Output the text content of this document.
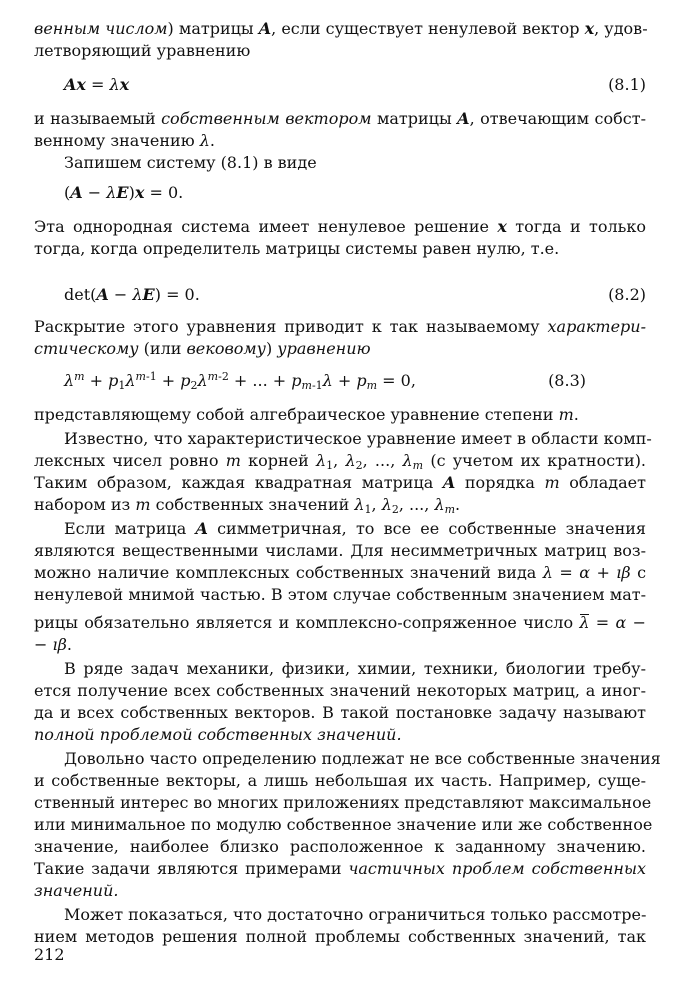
венным числом) матрицы A, если существует ненулевой вектор x, удов-
летворяющий уравнению
Ax = λx	(8.1)
и называемый собственным вектором матрицы A, отвечающим собст-
венному значению λ.
Запишем систему (8.1) в виде
(A − λE)x = 0.
Эта однородная система имеет ненулевое решение x тогда и только
тогда, когда определитель матрицы системы равен нулю, т.е.
det(A − λE) = 0.	(8.2)
Раскрытие этого уравнения приводит к так называемому характери-
стическому (или вековому) уравнению
$\lambda^m + p_1\lambda^{m-1} + p_2\lambda^{m-2}$ + ... + $p_{m-1}\lambda + p_m = 0$,	(8.3)
представляющему собой алгебраическое уравнение степени m.
Известно, что характеристическое уравнение имеет в области комп-
лексных чисел ровно m корней $\lambda_1$, $\lambda_2$, ..., $\lambda_m$ (с учетом их кратности).
Таким образом, каждая квадратная матрица A порядка m обладает
набором из m собственных значений $\lambda_1$, $\lambda_2$, ..., $\lambda_m$.
Если матрица A симметричная, то все ее собственные значения
являются вещественными числами. Для несимметричных матриц воз-
можно наличие комплексных собственных значений вида λ = α + ıβ с
ненулевой мнимой частью. В этом случае собственным значением мат-
рицы обязательно является и комплексно-сопряженное число λ = α −
− ıβ.
В ряде задач механики, физики, химии, техники, биологии требу-
ется получение всех собственных значений некоторых матриц, а иног-
да и всех собственных векторов. В такой постановке задачу называют
полной проблемой собственных значений.
Довольно часто определению подлежат не все собственные значения
и собственные векторы, а лишь небольшая их часть. Например, суще-
ственный интерес во многих приложениях представляют максимальное
или минимальное по модулю собственное значение или же собственное
значение, наиболее близко расположенное к заданному значению.
Такие задачи являются примерами частичных проблем собственных
значений.
Может показаться, что достаточно ограничиться только рассмотре-
нием методов решения полной проблемы собственных значений, так
212
